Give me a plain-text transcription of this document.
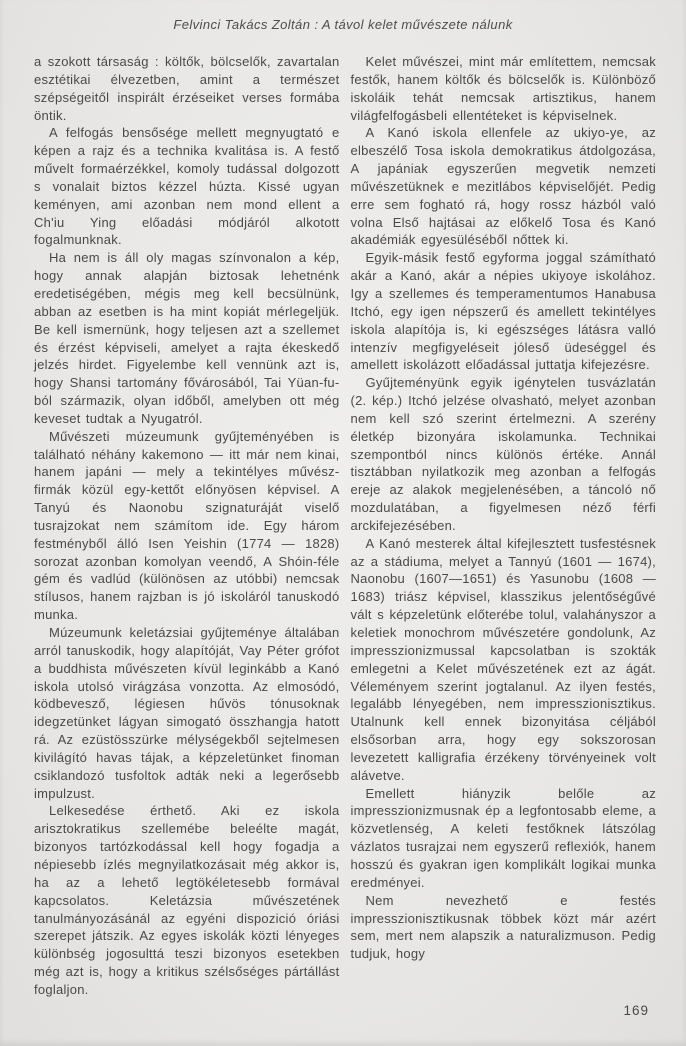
Felvinci Takács Zoltán : A távol kelet művészete nálunk

a szokott társaság : költők, bölcselők, zavartalan esztétikai élvezetben, amint a természet szépségeitől inspirált érzéseiket verses formába öntik.

A felfogás bensősége mellett megnyugtató e képen a rajz és a technika kvalitása is. A festő művelt formaérzékkel, komoly tudással dolgozott s vonalait biztos kézzel húzta. Kissé ugyan keményen, ami azonban nem mond ellent a Ch'iu Ying előadási módjáról alkotott fogalmunknak.

Ha nem is áll oly magas színvonalon a kép, hogy annak alapján biztosak lehetnénk eredetiségében, mégis meg kell becsülnünk, abban az esetben is ha mint kopiát mérlegeljük. Be kell ismernünk, hogy teljesen azt a szellemet és érzést képviseli, amelyet a rajta ékeskedő jelzés hirdet. Figyelembe kell vennünk azt is, hogy Shansi tartomány fővárosából, Tai Yüan-fu-ból származik, olyan időből, amelyben ott még keveset tudtak a Nyugatról.

Művészeti múzeumunk gyűjteményében is található néhány kakemono — itt már nem kinai, hanem japáni — mely a tekintélyes művész-firmák közül egy-kettőt előnyösen képvisel. A Tanyú és Naonobu szignaturáját viselő tusrajzokat nem számítom ide. Egy három festményből álló Isen Yeishin (1774 — 1828) sorozat azonban komolyan veendő, A Shóin-féle gém és vadlúd (különösen az utóbbi) nemcsak stílusos, hanem rajzban is jó iskoláról tanuskodó munka.

Múzeumunk keletázsiai gyűjteménye általában arról tanuskodik, hogy alapítóját, Vay Péter grófot a buddhista művészeten kívül leginkább a Kanó iskola utolsó virágzása vonzotta. Az elmosódó, ködbevesző, légiesen hűvös tónusoknak idegzetünket lágyan simogató összhangja hatott rá. Az ezüstösszürke mélységekből sejtelmesen kivilágító havas tájak, a képzeletünket finoman csiklandozó tusfoltok adták neki a legerősebb impulzust.

Lelkesedése érthető. Aki ez iskola arisztokratikus szellemébe beleélte magát, bizonyos tartózkodással kell hogy fogadja a népiesebb ízlés megnyilatkozásait még akkor is, ha az a lehető legtökéletesebb formával kapcsolatos. Keletázsia művészetének tanulmányozásánál az egyéni dispozició óriási szerepet játszik. Az egyes iskolák közti lényeges különbség jogosulttá teszi bizonyos esetekben még azt is, hogy a kritikus szélsőséges pártállást foglaljon.

Kelet művészei, mint már említettem, nemcsak festők, hanem költők és bölcselők is. Különböző iskoláik tehát nemcsak artisztikus, hanem világfelfogásbeli ellentéteket is képviselnek.

A Kanó iskola ellenfele az ukiyo-ye, az elbeszélő Tosa iskola demokratikus átdolgozása, A japániak egyszerűen megvetik nemzeti művészetüknek e mezitlábos képviselőjét. Pedig erre sem fogható rá, hogy rossz házból való volna Első hajtásai az előkelő Tosa és Kanó akadémiák egyesüléséből nőttek ki.

Egyik-másik festő egyforma joggal számítható akár a Kanó, akár a népies ukiyoye iskolához. Igy a szellemes és temperamentumos Hanabusa Itchó, egy igen népszerű és amellett tekintélyes iskola alapítója is, ki egészséges látásra valló intenzív megfigyeléseit jóleső üdeséggel és amellett iskolázott előadással juttatja kifejezésre.

Gyűjteményünk egyik igénytelen tusvázlatán (2. kép.) Itchó jelzése olvasható, melyet azonban nem kell szó szerint értelmezni. A szerény életkép bizonyára iskolamunka. Technikai szempontból nincs különös értéke. Annál tisztábban nyilatkozik meg azonban a felfogás ereje az alakok megjelenésében, a táncoló nő mozdulatában, a figyelmesen néző férfi arckifejezésében.

A Kanó mesterek által kifejlesztett tusfestésnek az a stádiuma, melyet a Tannyú (1601 — 1674), Naonobu (1607—1651) és Yasunobu (1608 —1683) triász képvisel, klasszikus jelentőségűvé vált s képzeletünk előterébe tolul, valahányszor a keletiek monochrom művészetére gondolunk, Az impresszionizmussal kapcsolatban is szokták emlegetni a Kelet művészetének ezt az ágát. Véleményem szerint jogtalanul. Az ilyen festés, legalább lényegében, nem impresszionisztikus. Utalnunk kell ennek bizonyitása céljából elsősorban arra, hogy egy sokszorosan levezetett kalligrafia érzékeny törvényeinek volt alávetve.

Emellett hiányzik belőle az impresszionizmusnak ép a legfontosabb eleme, a közvetlenség, A keleti festőknek látszólag vázlatos tusrajzai nem egyszerű reflexiók, hanem hosszú és gyakran igen komplikált logikai munka eredményei.

Nem nevezhető e festés impresszionisztikusnak többek közt már azért sem, mert nem alapszik a naturalizmuson. Pedig tudjuk, hogy

169
